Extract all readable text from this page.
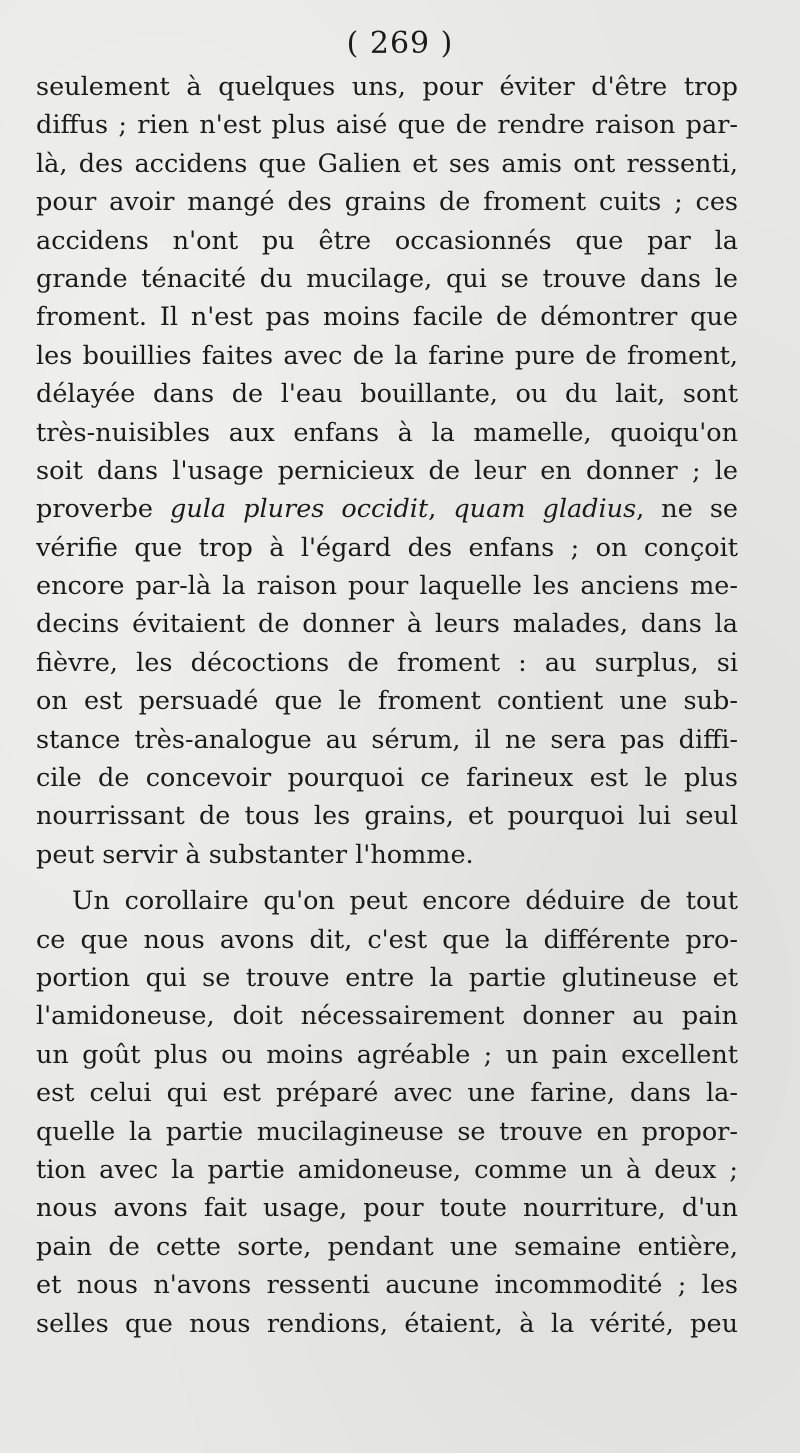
( 269 )
seulement à quelques uns, pour éviter d'être trop
diffus ; rien n'est plus aisé que de rendre raison par-
là, des accidens que Galien et ses amis ont ressenti,
pour avoir mangé des grains de froment cuits ; ces
accidens n'ont pu être occasionnés que par la
grande ténacité du mucilage, qui se trouve dans le
froment. Il n'est pas moins facile de démontrer que
les bouillies faites avec de la farine pure de froment,
délayée dans de l'eau bouillante, ou du lait, sont
très-nuisibles aux enfans à la mamelle, quoiqu'on
soit dans l'usage pernicieux de leur en donner ; le
proverbe gula plures occidit, quam gladius, ne se
vérifie que trop à l'égard des enfans ; on conçoit
encore par-là la raison pour laquelle les anciens me-
decins évitaient de donner à leurs malades, dans la
fièvre, les décoctions de froment : au surplus, si
on est persuadé que le froment contient une sub-
stance très-analogue au sérum, il ne sera pas diffi-
cile de concevoir pourquoi ce farineux est le plus
nourrissant de tous les grains, et pourquoi lui seul
peut servir à substanter l'homme.
Un corollaire qu'on peut encore déduire de tout
ce que nous avons dit, c'est que la différente pro-
portion qui se trouve entre la partie glutineuse et
l'amidoneuse, doit nécessairement donner au pain
un goût plus ou moins agréable ; un pain excellent
est celui qui est préparé avec une farine, dans la-
quelle la partie mucilagineuse se trouve en propor-
tion avec la partie amidoneuse, comme un à deux ;
nous avons fait usage, pour toute nourriture, d'un
pain de cette sorte, pendant une semaine entière,
et nous n'avons ressenti aucune incommodité ; les
selles que nous rendions, étaient, à la vérité, peu
